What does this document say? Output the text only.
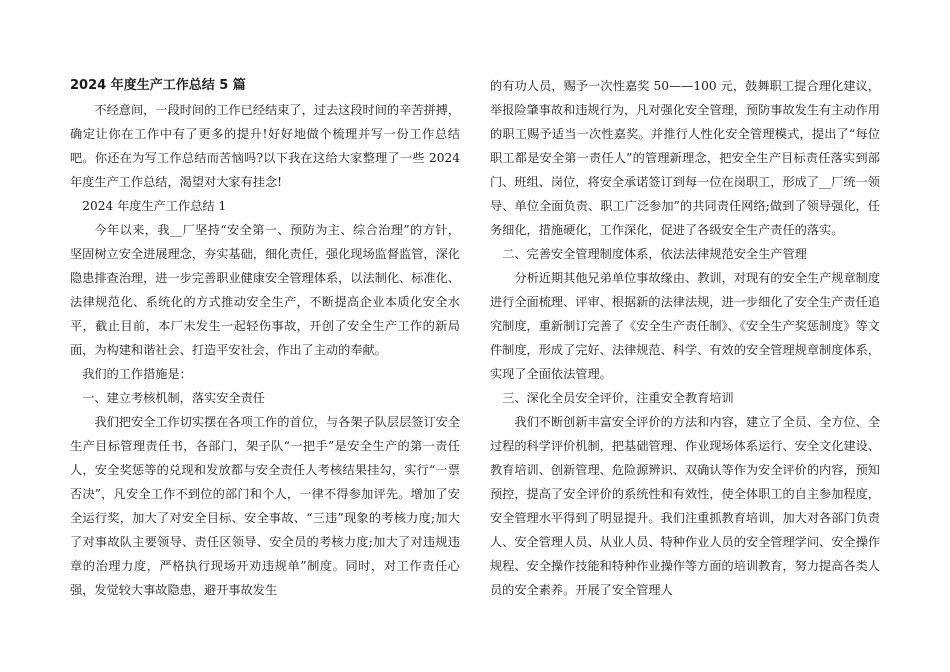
2024 年度生产工作总结 5 篇

不经意间，一段时间的工作已经结束了，过去这段时间的辛苦拼搏，确定让你在工作中有了更多的提升!好好地做个梳理并写一份工作总结吧。你还在为写工作总结而苦恼吗?以下我在这给大家整理了一些 2024 年度生产工作总结，渴望对大家有挂念!

2024 年度生产工作总结 1

今年以来，我__厂坚持“安全第一、预防为主、综合治理”的方针，坚固树立安全进展理念，夯实基础，细化责任，强化现场监督监管，深化隐患排查治理，进一步完善职业健康安全管理体系，以法制化、标准化、法律规范化、系统化的方式推动安全生产，不断提高企业本质化安全水平，截止目前，本厂未发生一起轻伤事故，开创了安全生产工作的新局面，为构建和谐社会、打造平安社会，作出了主动的奉献。

我们的工作措施是：

一、建立考核机制，落实安全责任

我们把安全工作切实摆在各项工作的首位，与各架子队层层签订安全生产目标管理责任书，各部门，架子队“一把手”是安全生产的第一责任人，安全奖惩等的兑现和发放都与安全责任人考核结果挂勾，实行“一票否决”，凡安全工作不到位的部门和个人，一律不得参加评先。增加了安全运行奖，加大了对安全目标、安全事故、“三违”现象的考核力度;加大了对事故队主要领导、责任区领导、安全员的考核力度;加大了对违规违章的治理力度，严格执行现场开劝违规单”制度。同时，对工作责任心强，发觉较大事故隐患，避开事故发生

的有功人员，赐予一次性嘉奖 50——100 元，鼓舞职工提合理化建议，举报险肇事故和违规行为，凡对强化安全管理，预防事故发生有主动作用的职工赐予适当一次性嘉奖。并推行人性化安全管理模式，提出了“每位职工都是安全第一责任人”的管理新理念，把安全生产目标责任落实到部门、班组、岗位，将安全承诺签订到每一位在岗职工，形成了__厂统一领导、单位全面负责、职工广泛参加”的共同责任网络;做到了领导强化，任务细化，措施硬化，工作深化，促进了各级安全生产责任的落实。

二、完善安全管理制度体系，依法法律规范安全生产管理

分析近期其他兄弟单位事故缘由、教训，对现有的安全生产规章制度进行全面梳理、评审、根据新的法律法规，进一步细化了安全生产责任追究制度，重新制订完善了《安全生产责任制》、《安全生产奖惩制度》等文件制度，形成了完好、法律规范、科学、有效的安全管理规章制度体系，实现了全面依法管理。

三、深化全员安全评价，注重安全教育培训

我们不断创新丰富安全评价的方法和内容，建立了全员、全方位、全过程的科学评价机制，把基础管理、作业现场体系运行、安全文化建设、教育培训、创新管理、危险源辨识、双确认等作为安全评价的内容，预知预控，提高了安全评价的系统性和有效性，使全体职工的自主参加程度，安全管理水平得到了明显提升。我们注重抓教育培训，加大对各部门负责人、安全管理人员、从业人员、特种作业人员的安全管理学问、安全操作规程、安全操作技能和特种作业操作等方面的培训教育，努力提高各类人员的安全素养。开展了安全管理人
